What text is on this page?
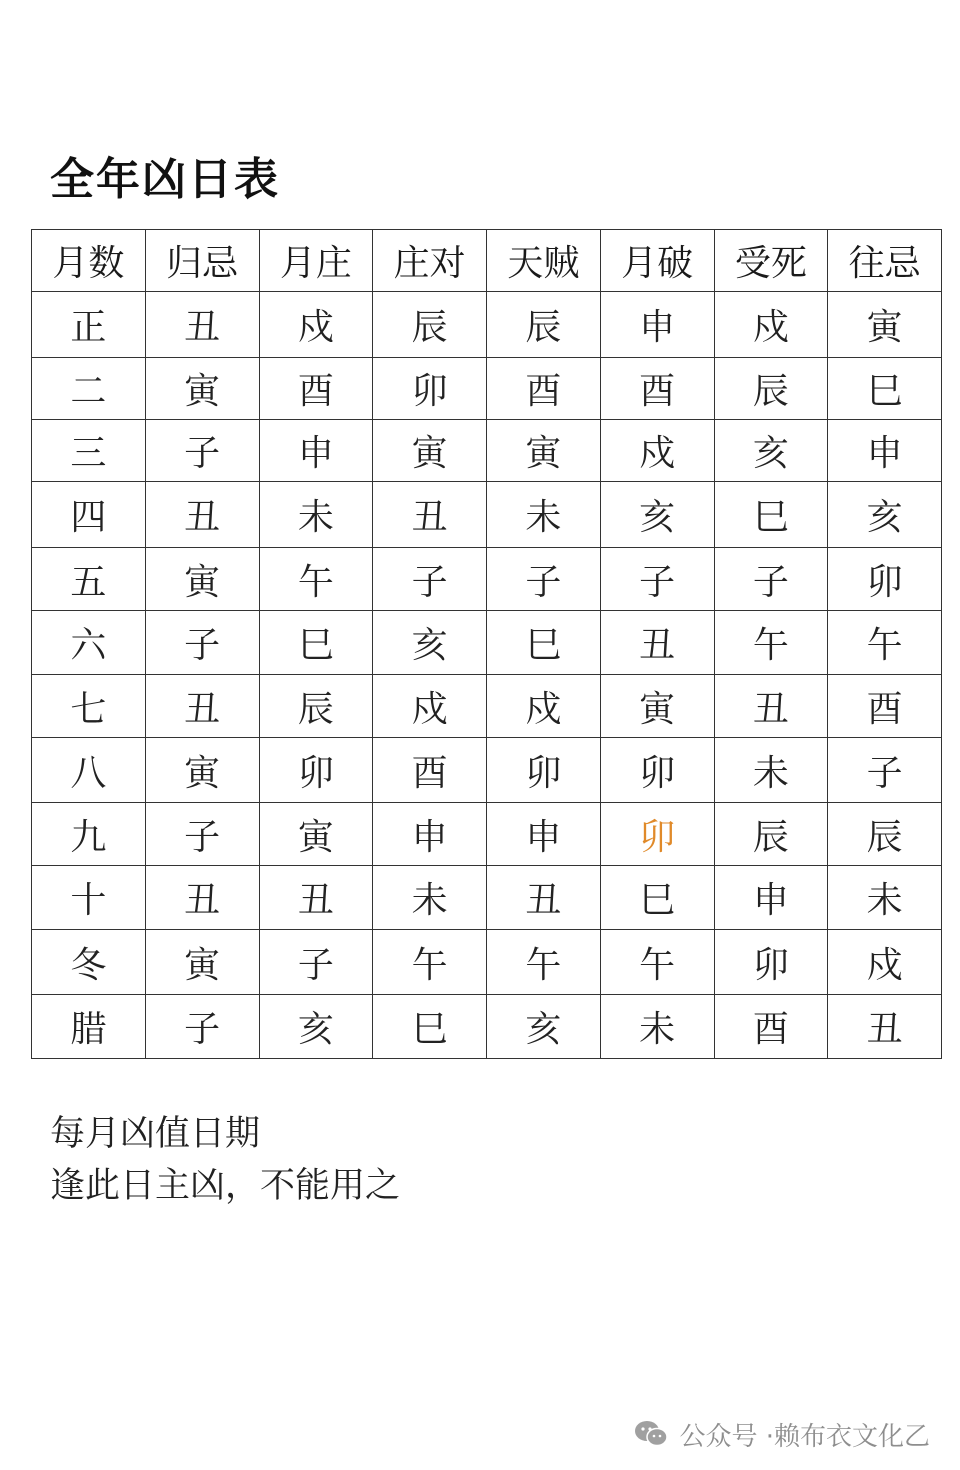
全年凶日表
月数	归忌	月庄	庄对	天贼	月破	受死	往忌
正	丑	戍	辰	辰	申	戍	寅
二	寅	酉	卯	酉	酉	辰	巳
三	子	申	寅	寅	戍	亥	申
四	丑	未	丑	未	亥	巳	亥
五	寅	午	子	子	子	子	卯
六	子	巳	亥	巳	丑	午	午
七	丑	辰	戍	戍	寅	丑	酉
八	寅	卯	酉	卯	卯	未	子
九	子	寅	申	申	卯	辰	辰
十	丑	丑	未	丑	巳	申	未
冬	寅	子	午	午	午	卯	戍
腊	子	亥	巳	亥	未	酉	丑
每月凶值日期
逢此日主凶，不能用之
公众号 · 赖布衣文化乙
